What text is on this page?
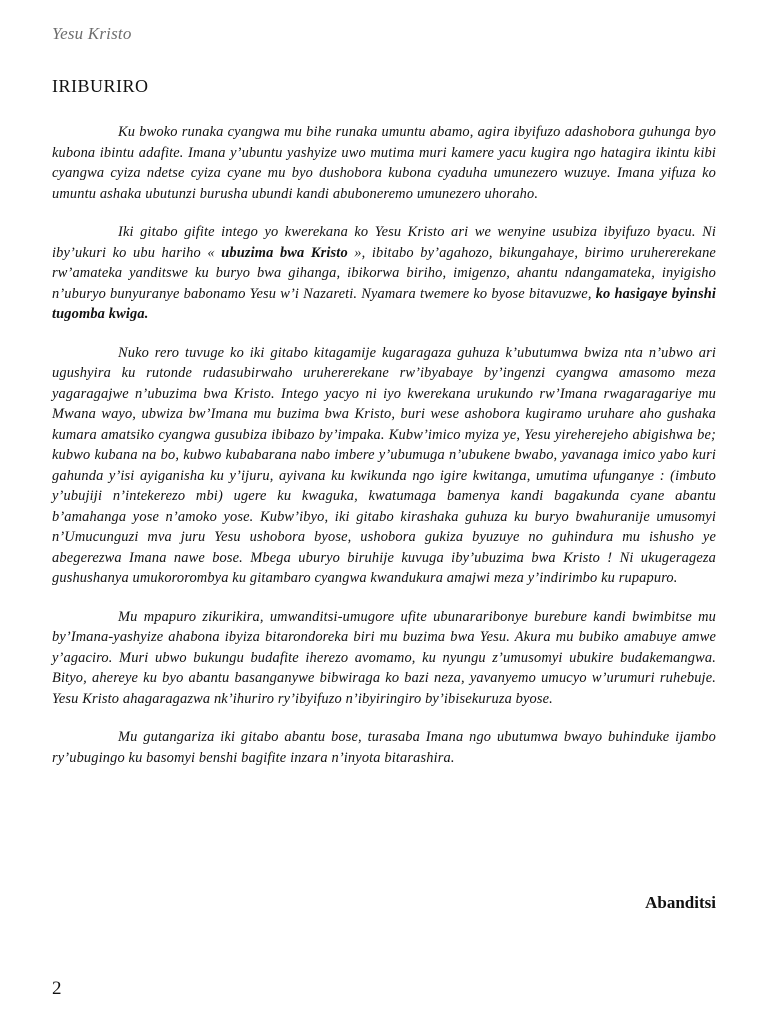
Yesu Kristo
IRIBURIRO

Ku bwoko runaka cyangwa mu bihe runaka umuntu abamo, agira ibyifuzo adashobora guhunga byo kubona ibintu adafite. Imana y’ubuntu yashyize uwo mutima muri kamere yacu kugira ngo hatagira ikintu kibi cyangwa cyiza ndetse cyiza cyane mu byo dushobora kubona cyaduha umunezero wuzuye. Imana yifuza ko umuntu ashaka ubutunzi burusha ubundi kandi abuboneremo umunezero uhoraho.

Iki gitabo gifite intego yo kwerekana ko Yesu Kristo ari we wenyine usubiza ibyifuzo byacu. Ni iby’ukuri ko ubu hariho « ubuzima bwa Kristo », ibitabo by’agahozo, bikungahaye, birimo uruhererekane rw’amateka yanditswe ku buryo bwa gihanga, ibikorwa biriho, imigenzo, ahantu ndangamateka, inyigisho n’uburyo bunyuranye babonamo Yesu w’i Nazareti. Nyamara twemere ko byose bitavuzwe, ko hasigaye byinshi tugomba kwiga.

Nuko rero tuvuge ko iki gitabo kitagamije kugaragaza guhuza k’ubutumwa bwiza nta n’ubwo ari ugushyira ku rutonde rudasubirwaho uruhererekane rw’ibyabaye by’ingenzi cyangwa amasomo meza yagaragajwe n’ubuzima bwa Kristo. Intego yacyo ni iyo kwerekana urukundo rw’Imana rwagaragariye mu Mwana wayo, ubwiza bw’Imana mu buzima bwa Kristo, buri wese ashobora kugiramo uruhare aho gushaka kumara amatsiko cyangwa gusubiza ibibazo by’impaka. Kubw’imico myiza ye, Yesu yireherejeho abigishwa be; kubwo kubana na bo, kubwo kubabarana nabo imbere y’ubumuga n’ubukene bwabo, yavanaga imico yabo kuri gahunda y’isi ayiganisha ku y’ijuru, ayivana ku kwikunda ngo igire kwitanga, umutima ufunganye : (imbuto y’ubujiji n’intekerezo mbi) ugere ku kwaguka, kwatumaga bamenya kandi bagakunda cyane abantu b’amahanga yose n’amoko yose. Kubw’ibyo, iki gitabo kirashaka guhuza ku buryo bwahuranije umusomyi n’Umucunguzi mva juru Yesu ushobora byose, ushobora gukiza byuzuye no guhindura mu ishusho ye abegerezwa Imana nawe bose. Mbega uburyo biruhije kuvuga iby’ubuzima bwa Kristo ! Ni ukugerageza gushushanya umukororombya ku gitambaro cyangwa kwandukura amajwi meza y’indirimbo ku rupapuro.

Mu mpapuro zikurikira, umwanditsi-umugore ufite ubunararibonye burebure kandi bwimbitse mu by’Imana-yashyize ahabona ibyiza bitarondoreka biri mu buzima bwa Yesu. Akura mu bubiko amabuye amwe y’agaciro. Muri ubwo bukungu budafite iherezo avomamo, ku nyungu z’umusomyi ubukire budakemangwa. Bityo, ahereye ku byo abantu basanganywe bibwiraga ko bazi neza, yavanyemo umucyo w’urumuri ruhebuje. Yesu Kristo ahagaragazwa nk’ihuriro ry’ibyifuzo n’ibyiringiro by’ibisekuruza byose.

Mu gutangariza iki gitabo abantu bose, turasaba Imana ngo ubutumwa bwayo buhinduke ijambo ry’ubugingo ku basomyi benshi bagifite inzara n’inyota bitarashira.

Abanditsi
2
